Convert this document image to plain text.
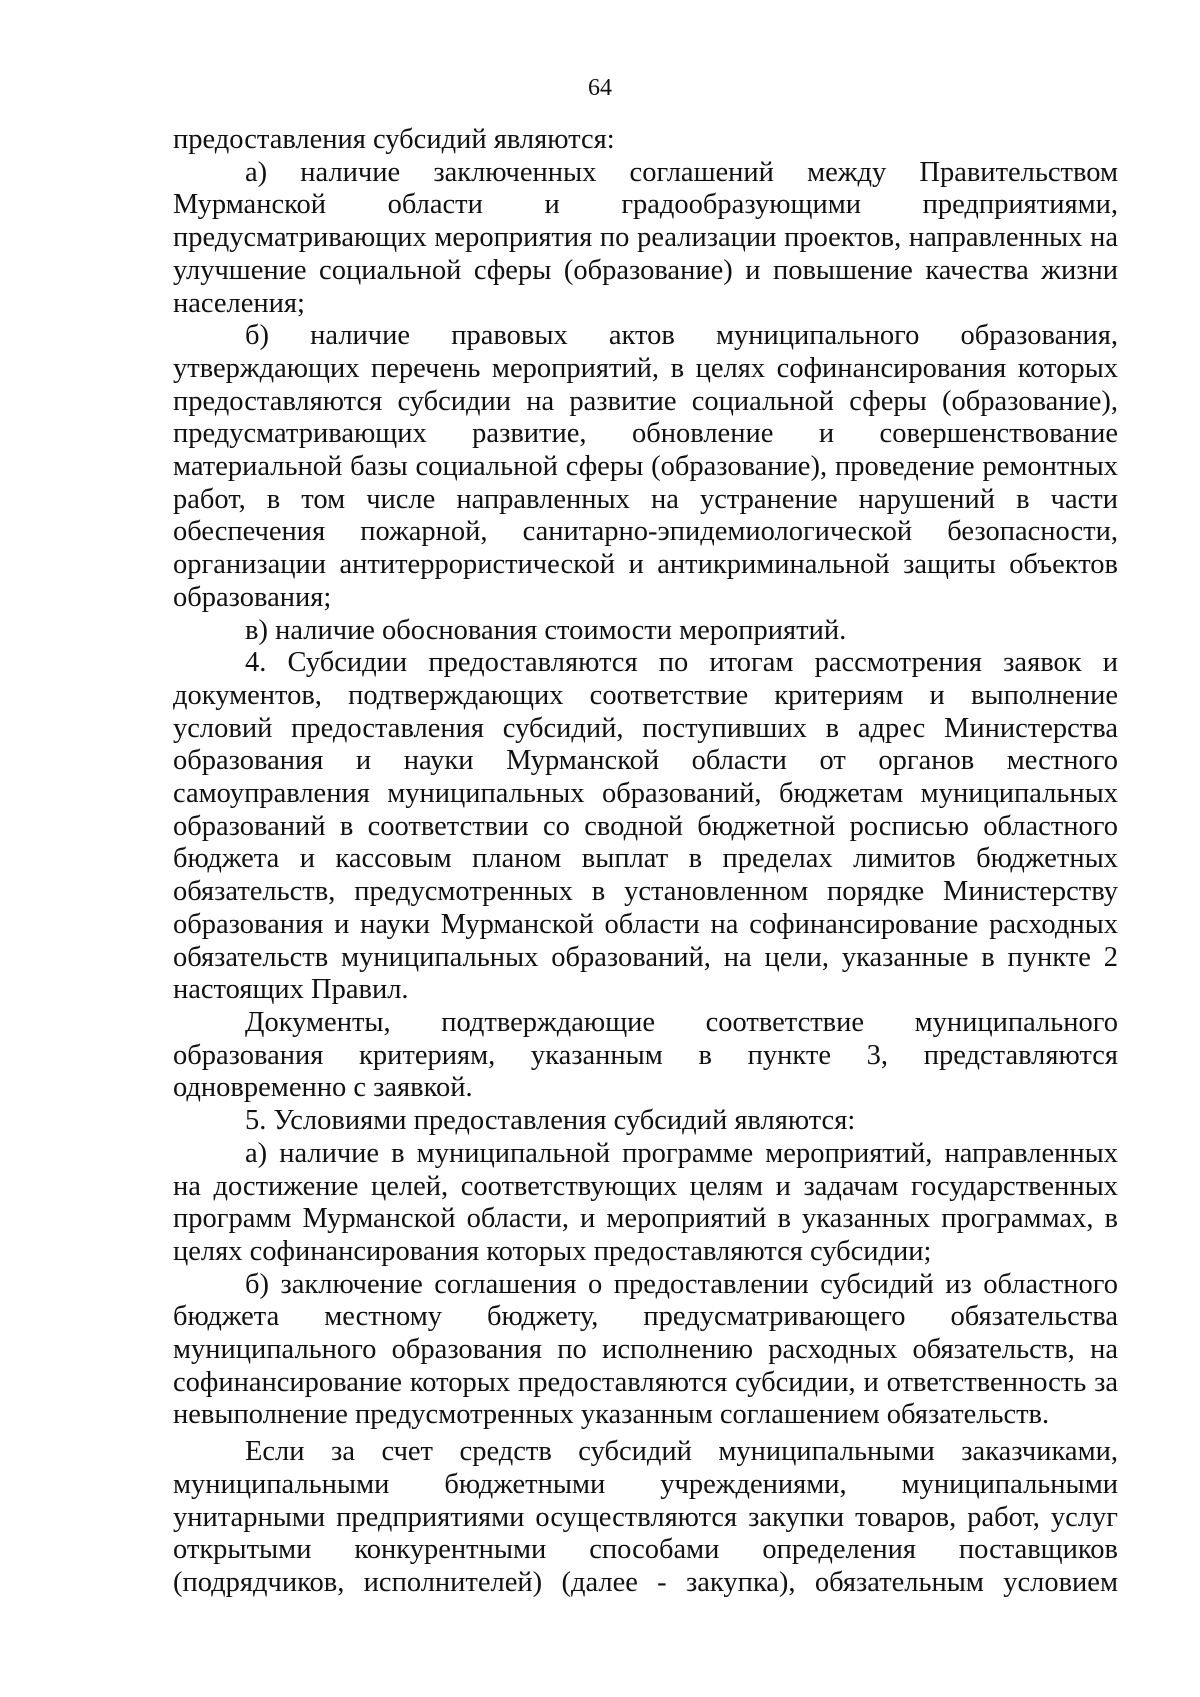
64

предоставления субсидий являются:

а) наличие заключенных соглашений между Правительством Мурманской области и градообразующими предприятиями, предусматривающих мероприятия по реализации проектов, направленных на улучшение социальной сферы (образование) и повышение качества жизни населения;

б) наличие правовых актов муниципального образования, утверждающих перечень мероприятий, в целях софинансирования которых предоставляются субсидии на развитие социальной сферы (образование), предусматривающих развитие, обновление и совершенствование материальной базы социальной сферы (образование), проведение ремонтных работ, в том числе направленных на устранение нарушений в части обеспечения пожарной, санитарно-эпидемиологической безопасности, организации антитеррористической и антикриминальной защиты объектов образования;

в) наличие обоснования стоимости мероприятий.

4. Субсидии предоставляются по итогам рассмотрения заявок и документов, подтверждающих соответствие критериям и выполнение условий предоставления субсидий, поступивших в адрес Министерства образования и науки Мурманской области от органов местного самоуправления муниципальных образований, бюджетам муниципальных образований в соответствии со сводной бюджетной росписью областного бюджета и кассовым планом выплат в пределах лимитов бюджетных обязательств, предусмотренных в установленном порядке Министерству образования и науки Мурманской области на софинансирование расходных обязательств муниципальных образований, на цели, указанные в пункте 2 настоящих Правил.

Документы, подтверждающие соответствие муниципального образования критериям, указанным в пункте 3, представляются одновременно с заявкой.

5. Условиями предоставления субсидий являются:

а) наличие в муниципальной программе мероприятий, направленных на достижение целей, соответствующих целям и задачам государственных программ Мурманской области, и мероприятий в указанных программах, в целях софинансирования которых предоставляются субсидии;

б) заключение соглашения о предоставлении субсидий из областного бюджета местному бюджету, предусматривающего обязательства муниципального образования по исполнению расходных обязательств, на софинансирование которых предоставляются субсидии, и ответственность за невыполнение предусмотренных указанным соглашением обязательств.

Если за счет средств субсидий муниципальными заказчиками, муниципальными бюджетными учреждениями, муниципальными унитарными предприятиями осуществляются закупки товаров, работ, услуг открытыми конкурентными способами определения поставщиков (подрядчиков, исполнителей) (далее - закупка), обязательным условием
